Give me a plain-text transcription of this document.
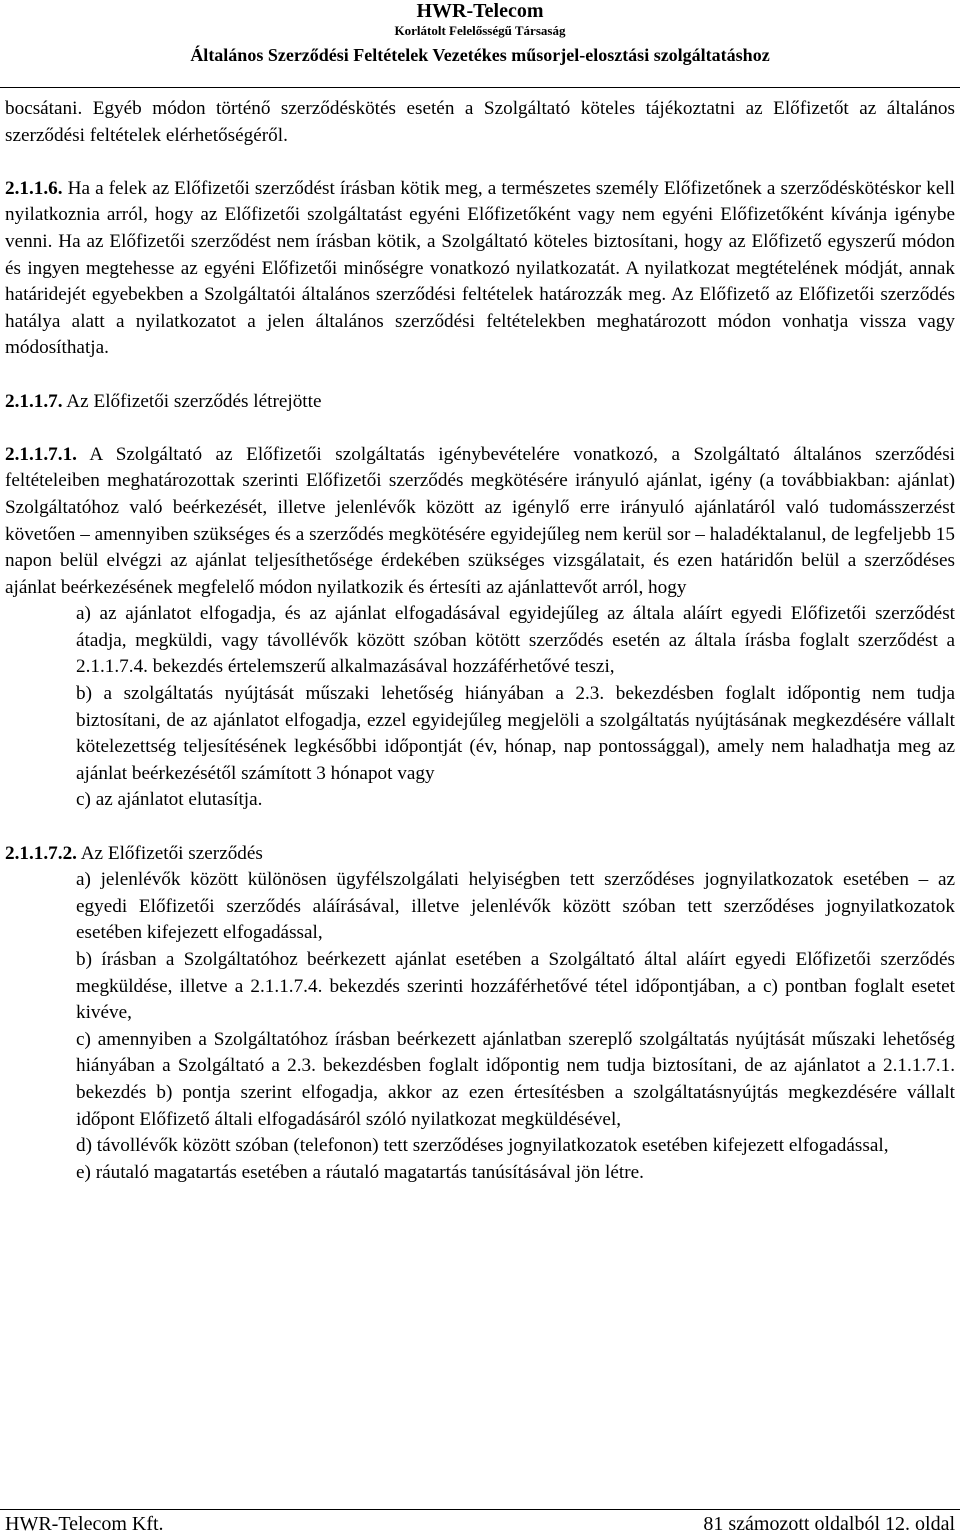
HWR-Telecom
Korlátolt Felelősségű Társaság
Általános Szerződési Feltételek Vezetékes műsorjel-elosztási szolgáltatáshoz

bocsátani. Egyéb módon történő szerződéskötés esetén a Szolgáltató köteles tájékoztatni az Előfizetőt az általános szerződési feltételek elérhetőségéről.

2.1.1.6. Ha a felek az Előfizetői szerződést írásban kötik meg, a természetes személy Előfizetőnek a szerződéskötéskor kell nyilatkoznia arról, hogy az Előfizetői szolgáltatást egyéni Előfizetőként vagy nem egyéni Előfizetőként kívánja igénybe venni. Ha az Előfizetői szerződést nem írásban kötik, a Szolgáltató köteles biztosítani, hogy az Előfizető egyszerű módon és ingyen megtehesse az egyéni Előfizetői minőségre vonatkozó nyilatkozatát. A nyilatkozat megtételének módját, annak határidejét egyebekben a Szolgáltatói általános szerződési feltételek határozzák meg. Az Előfizető az Előfizetői szerződés hatálya alatt a nyilatkozatot a jelen általános szerződési feltételekben meghatározott módon vonhatja vissza vagy módosíthatja.

2.1.1.7. Az Előfizetői szerződés létrejötte

2.1.1.7.1. A Szolgáltató az Előfizetői szolgáltatás igénybevételére vonatkozó, a Szolgáltató általános szerződési feltételeiben meghatározottak szerinti Előfizetői szerződés megkötésére irányuló ajánlat, igény (a továbbiakban: ajánlat) Szolgáltatóhoz való beérkezését, illetve jelenlévők között az igénylő erre irányuló ajánlatáról való tudomásszerzést követően – amennyiben szükséges és a szerződés megkötésére egyidejűleg nem kerül sor – haladéktalanul, de legfeljebb 15 napon belül elvégzi az ajánlat teljesíthetősége érdekében szükséges vizsgálatait, és ezen határidőn belül a szerződéses ajánlat beérkezésének megfelelő módon nyilatkozik és értesíti az ajánlattevőt arról, hogy

a) az ajánlatot elfogadja, és az ajánlat elfogadásával egyidejűleg az általa aláírt egyedi Előfizetői szerződést átadja, megküldi, vagy távollévők között szóban kötött szerződés esetén az általa írásba foglalt szerződést a 2.1.1.7.4. bekezdés értelemszerű alkalmazásával hozzáférhetővé teszi,

b) a szolgáltatás nyújtását műszaki lehetőség hiányában a 2.3. bekezdésben foglalt időpontig nem tudja biztosítani, de az ajánlatot elfogadja, ezzel egyidejűleg megjelöli a szolgáltatás nyújtásának megkezdésére vállalt kötelezettség teljesítésének legkésőbbi időpontját (év, hónap, nap pontossággal), amely nem haladhatja meg az ajánlat beérkezésétől számított 3 hónapot vagy

c) az ajánlatot elutasítja.

2.1.1.7.2. Az Előfizetői szerződés

a) jelenlévők között különösen ügyfélszolgálati helyiségben tett szerződéses jognyilatkozatok esetében – az egyedi Előfizetői szerződés aláírásával, illetve jelenlévők között szóban tett szerződéses jognyilatkozatok esetében kifejezett elfogadással,

b) írásban a Szolgáltatóhoz beérkezett ajánlat esetében a Szolgáltató által aláírt egyedi Előfizetői szerződés megküldése, illetve a 2.1.1.7.4. bekezdés szerinti hozzáférhetővé tétel időpontjában, a c) pontban foglalt esetet kivéve,

c) amennyiben a Szolgáltatóhoz írásban beérkezett ajánlatban szereplő szolgáltatás nyújtását műszaki lehetőség hiányában a Szolgáltató a 2.3. bekezdésben foglalt időpontig nem tudja biztosítani, de az ajánlatot a 2.1.1.7.1. bekezdés b) pontja szerint elfogadja, akkor az ezen értesítésben a szolgáltatásnyújtás megkezdésére vállalt időpont Előfizető általi elfogadásáról szóló nyilatkozat megküldésével,

d) távollévők között szóban (telefonon) tett szerződéses jognyilatkozatok esetében kifejezett elfogadással,

e) ráutaló magatartás esetében a ráutaló magatartás tanúsításával jön létre.

HWR-Telecom Kft.	81 számozott oldalból 12. oldal
